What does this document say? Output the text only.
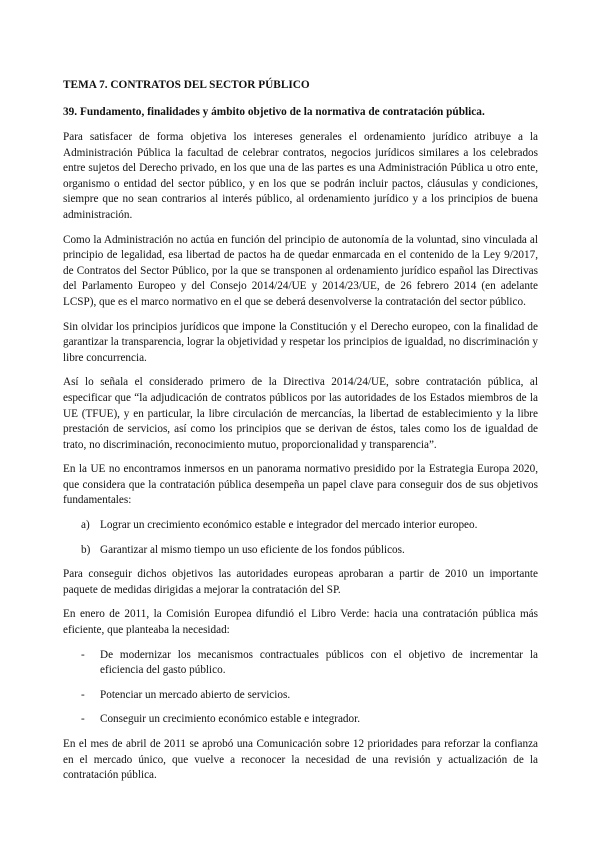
TEMA 7. CONTRATOS DEL SECTOR PÚBLICO
39. Fundamento, finalidades y ámbito objetivo de la normativa de contratación pública.

Para satisfacer de forma objetiva los intereses generales el ordenamiento jurídico atribuye a la Administración Pública la facultad de celebrar contratos, negocios jurídicos similares a los celebrados entre sujetos del Derecho privado, en los que una de las partes es una Administración Pública u otro ente, organismo o entidad del sector público, y en los que se podrán incluir pactos, cláusulas y condiciones, siempre que no sean contrarios al interés público, al ordenamiento jurídico y a los principios de buena administración.

Como la Administración no actúa en función del principio de autonomía de la voluntad, sino vinculada al principio de legalidad, esa libertad de pactos ha de quedar enmarcada en el contenido de la Ley 9/2017, de Contratos del Sector Público, por la que se transponen al ordenamiento jurídico español las Directivas del Parlamento Europeo y del Consejo 2014/24/UE y 2014/23/UE, de 26 febrero 2014 (en adelante LCSP), que es el marco normativo en el que se deberá desenvolverse la contratación del sector público.

Sin olvidar los principios jurídicos que impone la Constitución y el Derecho europeo, con la finalidad de garantizar la transparencia, lograr la objetividad y respetar los principios de igualdad, no discriminación y libre concurrencia.

Así lo señala el considerado primero de la Directiva 2014/24/UE, sobre contratación pública, al especificar que “la adjudicación de contratos públicos por las autoridades de los Estados miembros de la UE (TFUE), y en particular, la libre circulación de mercancías, la libertad de establecimiento y la libre prestación de servicios, así como los principios que se derivan de éstos, tales como los de igualdad de trato, no discriminación, reconocimiento mutuo, proporcionalidad y transparencia”.

En la UE no encontramos inmersos en un panorama normativo presidido por la Estrategia Europa 2020, que considera que la contratación pública desempeña un papel clave para conseguir dos de sus objetivos fundamentales:

a) Lograr un crecimiento económico estable e integrador del mercado interior europeo.
b) Garantizar al mismo tiempo un uso eficiente de los fondos públicos.

Para conseguir dichos objetivos las autoridades europeas aprobaran a partir de 2010 un importante paquete de medidas dirigidas a mejorar la contratación del SP.

En enero de 2011, la Comisión Europea difundió el Libro Verde: hacia una contratación pública más eficiente, que planteaba la necesidad:

-	De modernizar los mecanismos contractuales públicos con el objetivo de incrementar la eficiencia del gasto público.
-	Potenciar un mercado abierto de servicios.
-	Conseguir un crecimiento económico estable e integrador.

En el mes de abril de 2011 se aprobó una Comunicación sobre 12 prioridades para reforzar la confianza en el mercado único, que vuelve a reconocer la necesidad de una revisión y actualización de la contratación pública.
